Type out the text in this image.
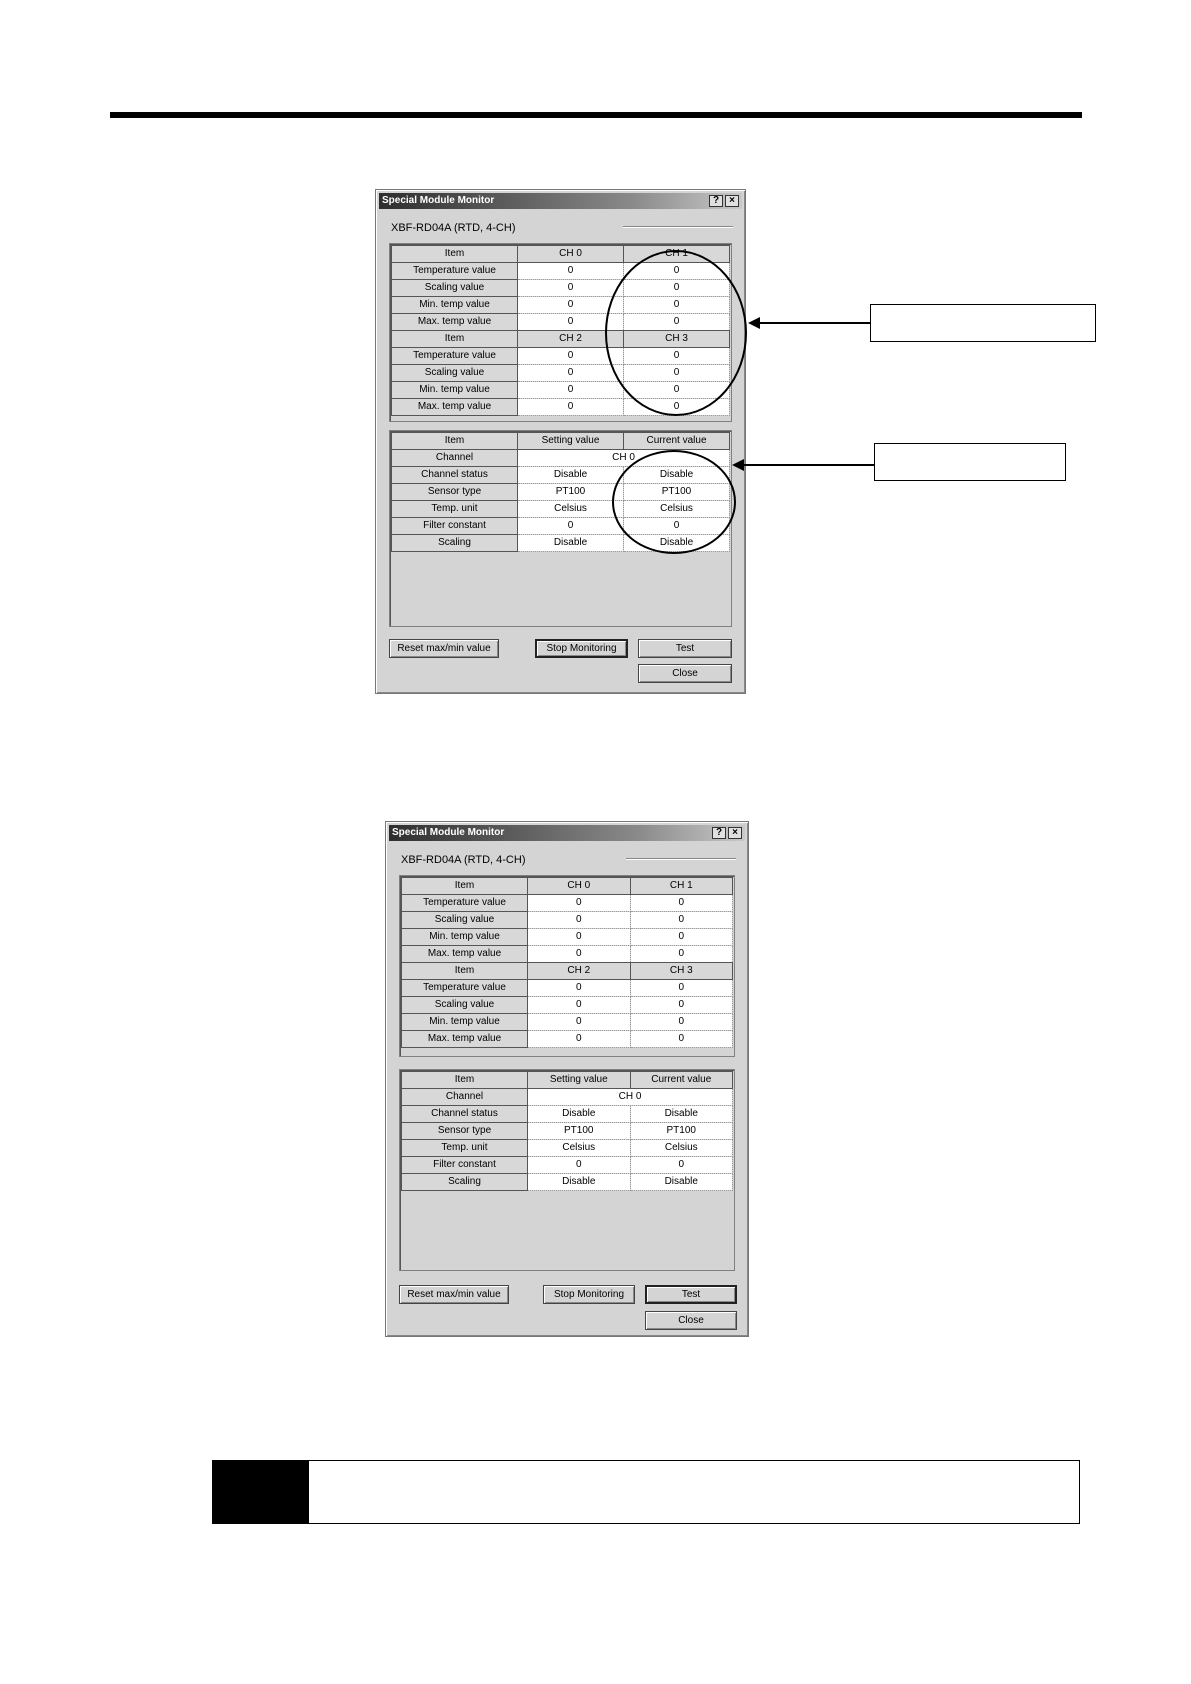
Special Module Monitor	?	×
XBF-RD04A (RTD, 4-CH)
Item	CH 0	CH 1
Temperature value	0	0
Scaling value	0	0
Min. temp value	0	0
Max. temp value	0	0
Item	CH 2	CH 3
Temperature value	0	0
Scaling value	0	0
Min. temp value	0	0
Max. temp value	0	0
Item	Setting value	Current value
Channel	CH 0	
Channel status	Disable	Disable
Sensor type	PT100	PT100
Temp. unit	Celsius	Celsius
Filter constant	0	0
Scaling	Disable	Disable
Reset max/min value	Stop Monitoring	Test
Close
Special Module Monitor	?	×
XBF-RD04A (RTD, 4-CH)
Item	CH 0	CH 1
Temperature value	0	0
Scaling value	0	0
Min. temp value	0	0
Max. temp value	0	0
Item	CH 2	CH 3
Temperature value	0	0
Scaling value	0	0
Min. temp value	0	0
Max. temp value	0	0
Item	Setting value	Current value
Channel	CH 0	
Channel status	Disable	Disable
Sensor type	PT100	PT100
Temp. unit	Celsius	Celsius
Filter constant	0	0
Scaling	Disable	Disable
Reset max/min value	Stop Monitoring	Test
Close
